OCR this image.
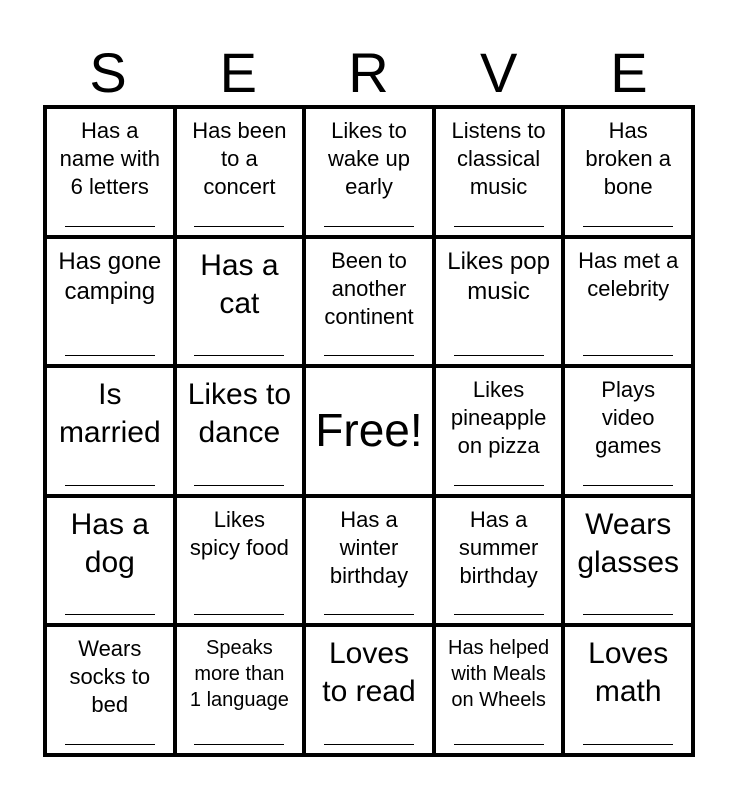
S	E	R	V	E
Has a
name with
6 letters
Has been
to a
concert
Likes to
wake up
early
Listens to
classical
music
Has
broken a
bone
Has gone
camping
Has a
cat
Been to
another
continent
Likes pop
music
Has met a
celebrity
Is
married
Likes to
dance Free!
Likes
pineapple
on pizza
Plays
video
games
Has a
dog
Likes
spicy food
Has a
winter
birthday
Has a
summer
birthday
Wears
glasses
Wears
socks to
bed
Speaks
more than
1 language
Loves
to read
Has helped
with Meals
on Wheels
Loves
math
